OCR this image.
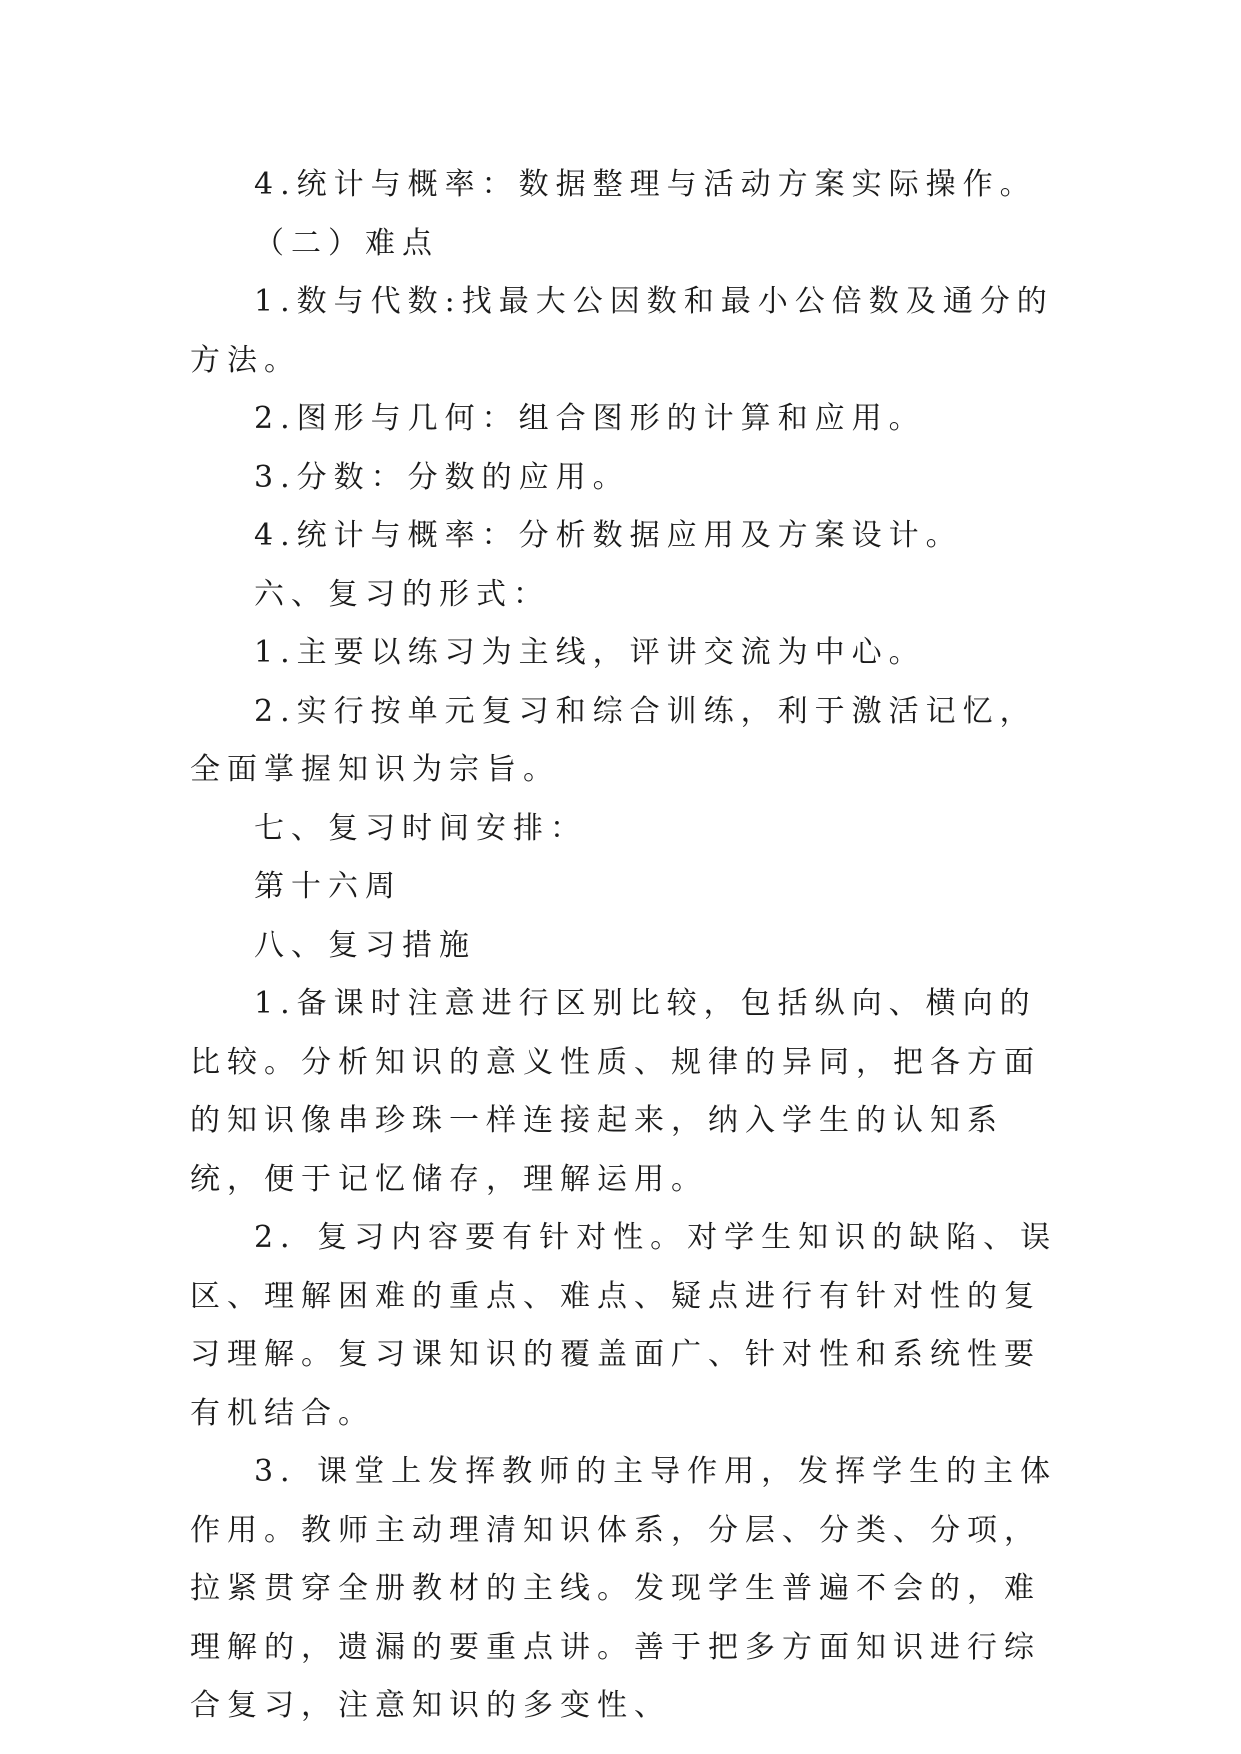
4.统计与概率：数据整理与活动方案实际操作。

（二）难点

1.数与代数:找最大公因数和最小公倍数及通分的方法。

2.图形与几何：组合图形的计算和应用。

3.分数：分数的应用。

4.统计与概率：分析数据应用及方案设计。

六、复习的形式：

1.主要以练习为主线，评讲交流为中心。

2.实行按单元复习和综合训练，利于激活记忆，全面掌握知识为宗旨。

七、复习时间安排：

第十六周

八、复习措施

1.备课时注意进行区别比较，包括纵向、横向的比较。分析知识的意义性质、规律的异同，把各方面的知识像串珍珠一样连接起来，纳入学生的认知系统，便于记忆储存，理解运用。

2．复习内容要有针对性。对学生知识的缺陷、误区、理解困难的重点、难点、疑点进行有针对性的复习理解。复习课知识的覆盖面广、针对性和系统性要有机结合。

3．课堂上发挥教师的主导作用，发挥学生的主体作用。教师主动理清知识体系，分层、分类、分项，拉紧贯穿全册教材的主线。发现学生普遍不会的，难理解的，遗漏的要重点讲。善于把多方面知识进行综合复习，注意知识的多变性、
